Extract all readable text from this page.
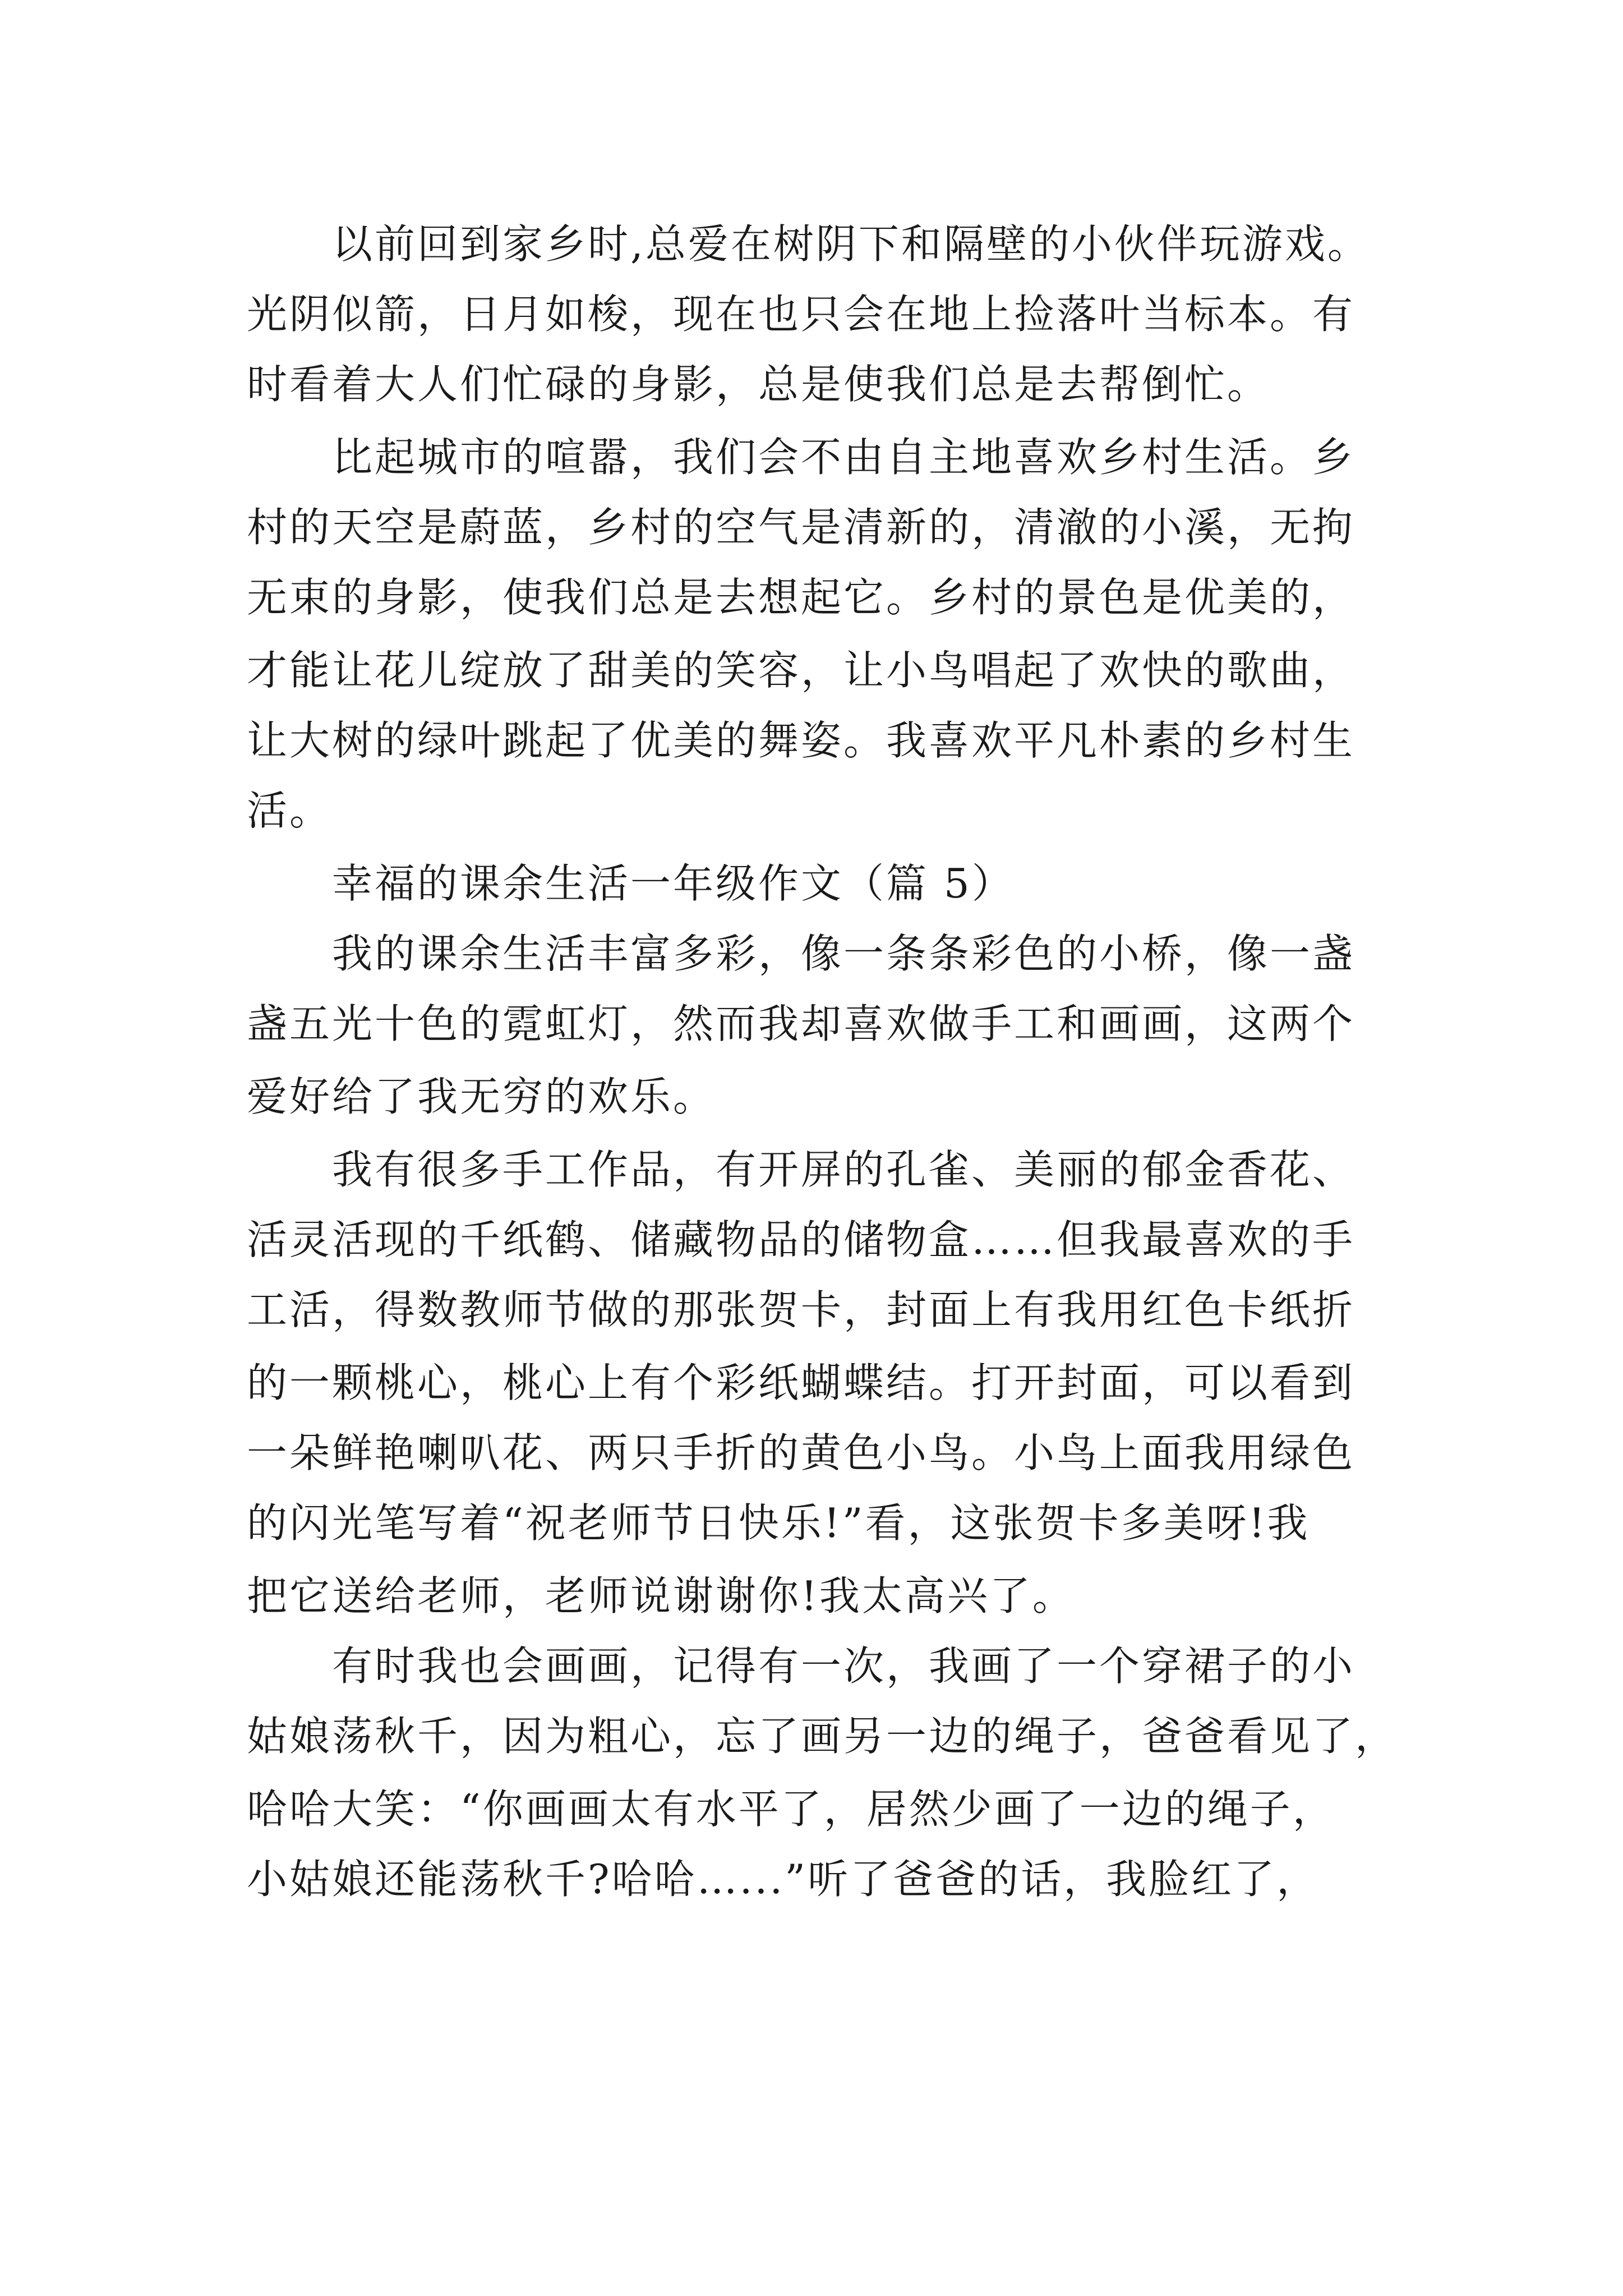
　　以前回到家乡时,总爱在树阴下和隔壁的小伙伴玩游戏。
光阴似箭，日月如梭，现在也只会在地上捡落叶当标本。有
时看着大人们忙碌的身影，总是使我们总是去帮倒忙。
　　比起城市的喧嚣，我们会不由自主地喜欢乡村生活。乡
村的天空是蔚蓝，乡村的空气是清新的，清澈的小溪，无拘
无束的身影，使我们总是去想起它。乡村的景色是优美的，
才能让花儿绽放了甜美的笑容，让小鸟唱起了欢快的歌曲，
让大树的绿叶跳起了优美的舞姿。我喜欢平凡朴素的乡村生
活。
　　幸福的课余生活一年级作文（篇 5）
　　我的课余生活丰富多彩，像一条条彩色的小桥，像一盏
盏五光十色的霓虹灯，然而我却喜欢做手工和画画，这两个
爱好给了我无穷的欢乐。
　　我有很多手工作品，有开屏的孔雀、美丽的郁金香花、
活灵活现的千纸鹤、储藏物品的储物盒……但我最喜欢的手
工活，得数教师节做的那张贺卡，封面上有我用红色卡纸折
的一颗桃心，桃心上有个彩纸蝴蝶结。打开封面，可以看到
一朵鲜艳喇叭花、两只手折的黄色小鸟。小鸟上面我用绿色
的闪光笔写着“祝老师节日快乐!”看，这张贺卡多美呀!我
把它送给老师，老师说谢谢你!我太高兴了。
　　有时我也会画画，记得有一次，我画了一个穿裙子的小
姑娘荡秋千，因为粗心，忘了画另一边的绳子，爸爸看见了，
哈哈大笑：“你画画太有水平了，居然少画了一边的绳子，
小姑娘还能荡秋千?哈哈…...”听了爸爸的话，我脸红了，
